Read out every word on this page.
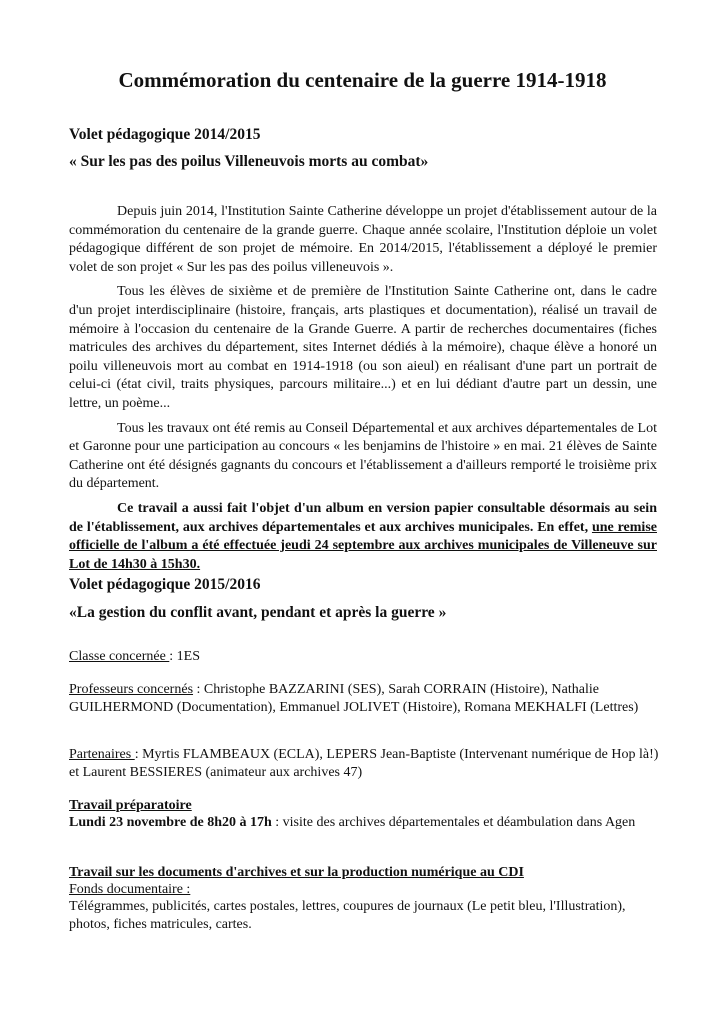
Commémoration du centenaire de la guerre 1914-1918
Volet pédagogique 2014/2015
« Sur les pas des poilus Villeneuvois morts au combat»

Depuis juin 2014, l'Institution Sainte Catherine développe un projet d'établissement autour de la commémoration du centenaire de la grande guerre. Chaque année scolaire, l'Institution déploie un volet pédagogique différent de son projet de mémoire. En 2014/2015, l'établissement a déployé le premier volet de son projet « Sur les pas des poilus villeneuvois ».

Tous les élèves de sixième et de première de l'Institution Sainte Catherine ont, dans le cadre d'un projet interdisciplinaire (histoire, français, arts plastiques et documentation), réalisé un travail de mémoire à l'occasion du centenaire de la Grande Guerre. A partir de recherches documentaires (fiches matricules des archives du département, sites Internet dédiés à la mémoire), chaque élève a honoré un poilu villeneuvois mort au combat en 1914-1918 (ou son aieul) en réalisant d'une part un portrait de celui-ci (état civil, traits physiques, parcours militaire...) et en lui dédiant d'autre part un dessin, une lettre, un poème...

Tous les travaux ont été remis au Conseil Départemental et aux archives départementales de Lot et Garonne pour une participation au concours « les benjamins de l'histoire » en mai. 21 élèves de Sainte Catherine ont été désignés gagnants du concours et l'établissement a d'ailleurs remporté le troisième prix du département.

Ce travail a aussi fait l'objet d'un album en version papier consultable désormais au sein de l'établissement, aux archives départementales et aux archives municipales. En effet, une remise officielle de l'album a été effectuée jeudi 24 septembre aux archives municipales de Villeneuve sur Lot de 14h30 à 15h30.

Volet pédagogique 2015/2016
«La gestion du conflit avant, pendant et après la guerre »

Classe concernée : 1ES

Professeurs concernés : Christophe BAZZARINI (SES), Sarah CORRAIN (Histoire), Nathalie GUILHERMOND (Documentation), Emmanuel JOLIVET (Histoire), Romana MEKHALFI (Lettres)

Partenaires : Myrtis FLAMBEAUX (ECLA), LEPERS Jean-Baptiste (Intervenant numérique de Hop là!) et Laurent BESSIERES (animateur aux archives 47)

Travail préparatoire

Lundi 23 novembre de 8h20 à 17h : visite des archives départementales et déambulation dans Agen

Travail sur les documents d'archives et sur la production numérique au CDI

Fonds documentaire :

Télégrammes, publicités, cartes postales, lettres, coupures de journaux (Le petit bleu, l'Illustration), photos, fiches matricules, cartes.
